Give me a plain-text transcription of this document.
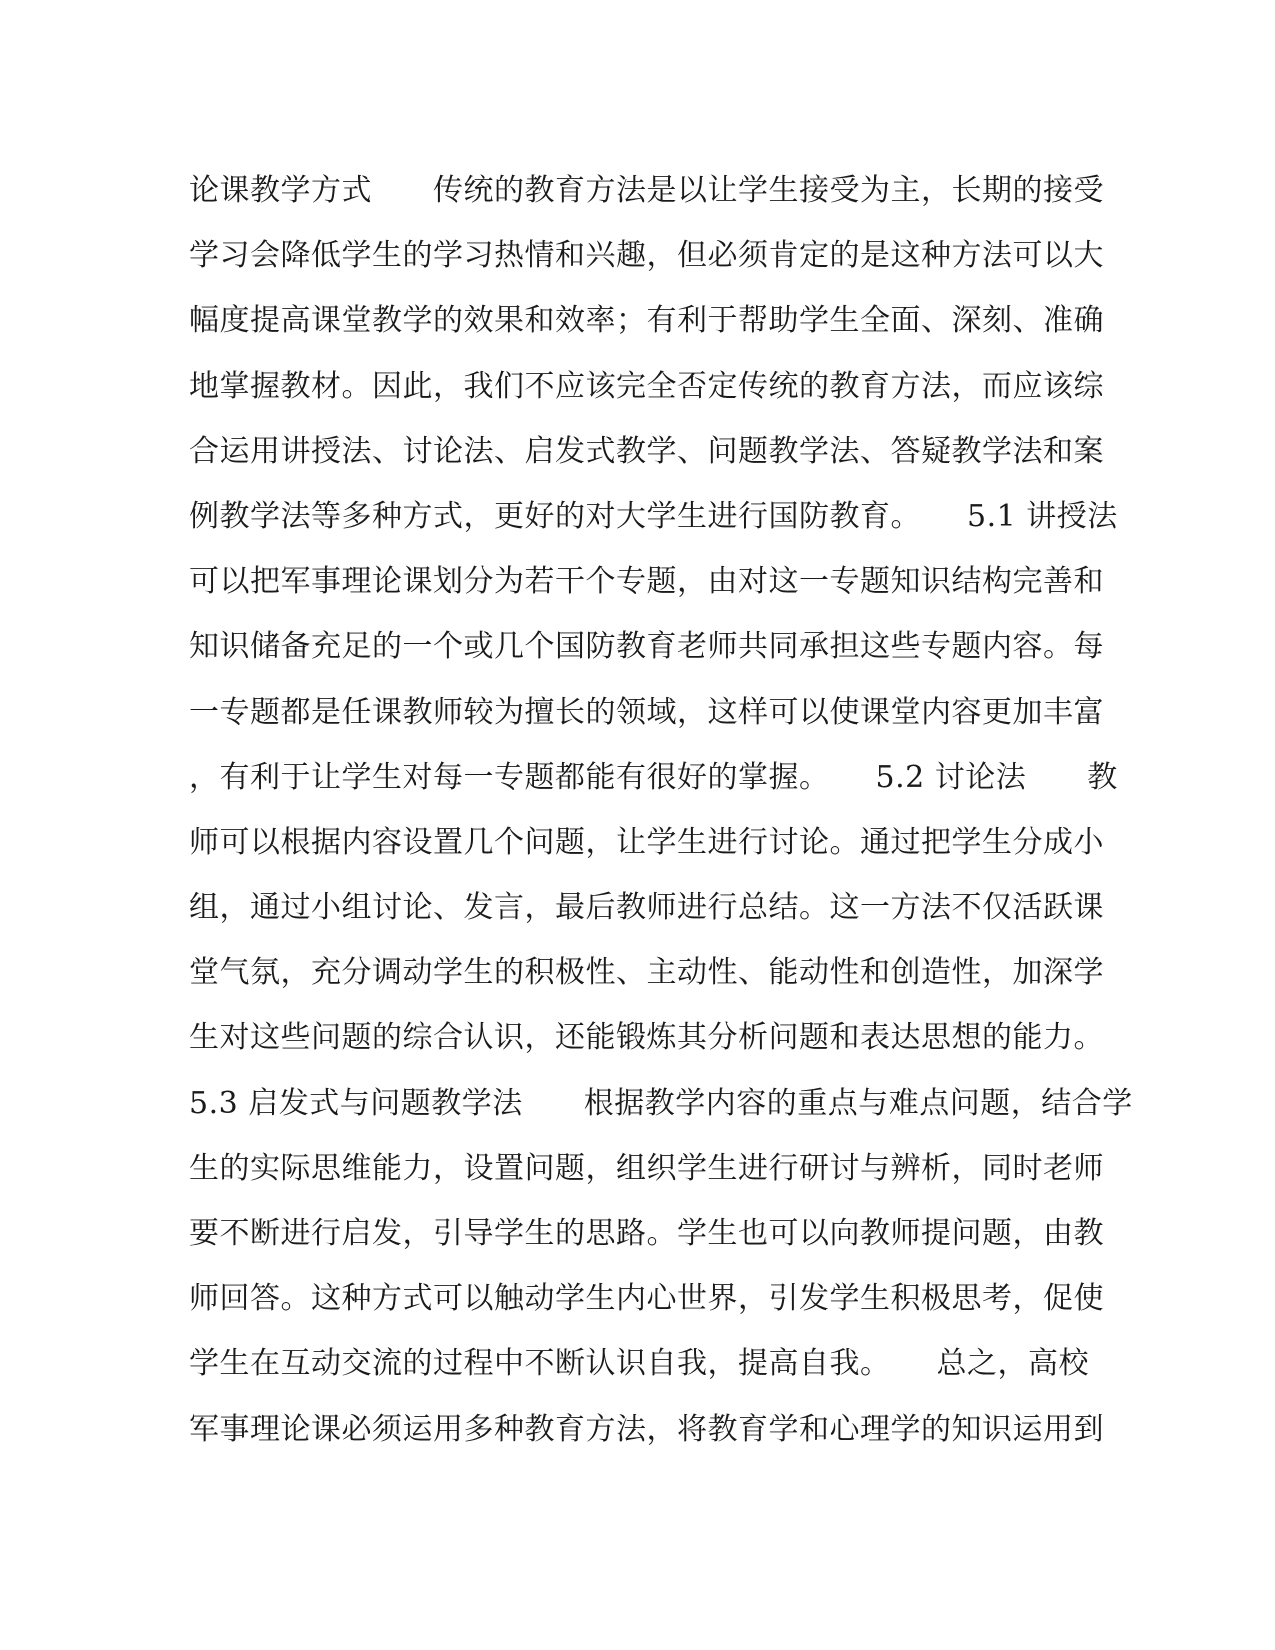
论课教学方式　　传统的教育方法是以让学生接受为主，长期的接受
学习会降低学生的学习热情和兴趣，但必须肯定的是这种方法可以大
幅度提高课堂教学的效果和效率；有利于帮助学生全面、深刻、准确
地掌握教材。因此，我们不应该完全否定传统的教育方法，而应该综
合运用讲授法、讨论法、启发式教学、问题教学法、答疑教学法和案
例教学法等多种方式，更好的对大学生进行国防教育。　　5.1 讲授法
可以把军事理论课划分为若干个专题，由对这一专题知识结构完善和
知识储备充足的一个或几个国防教育老师共同承担这些专题内容。每
一专题都是任课教师较为擅长的领域，这样可以使课堂内容更加丰富
，有利于让学生对每一专题都能有很好的掌握。　　5.2 讨论法　　教
师可以根据内容设置几个问题，让学生进行讨论。通过把学生分成小
组，通过小组讨论、发言，最后教师进行总结。这一方法不仅活跃课
堂气氛，充分调动学生的积极性、主动性、能动性和创造性，加深学
生对这些问题的综合认识，还能锻炼其分析问题和表达思想的能力。
5.3 启发式与问题教学法　　根据教学内容的重点与难点问题，结合学
生的实际思维能力，设置问题，组织学生进行研讨与辨析，同时老师
要不断进行启发，引导学生的思路。学生也可以向教师提问题，由教
师回答。这种方式可以触动学生内心世界，引发学生积极思考，促使
学生在互动交流的过程中不断认识自我，提高自我。　　总之，高校
军事理论课必须运用多种教育方法，将教育学和心理学的知识运用到
